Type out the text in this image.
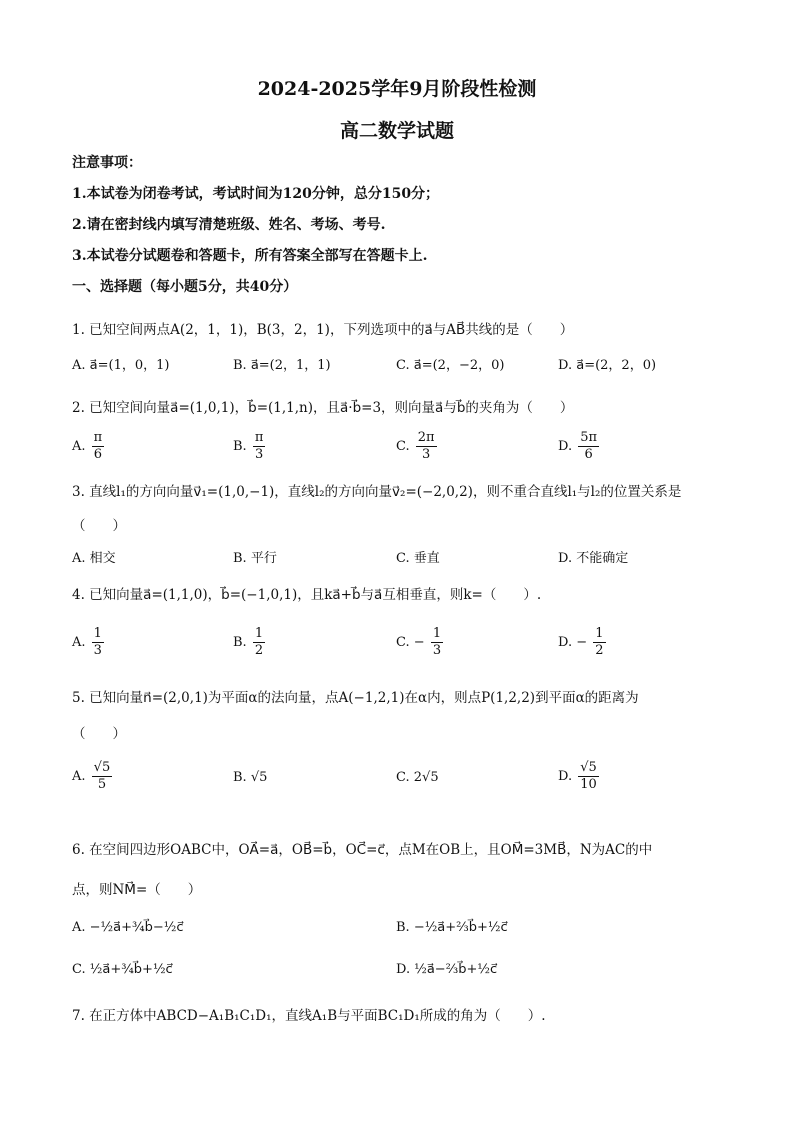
2024-2025学年9月阶段性检测
高二数学试题
注意事项：
1.本试卷为闭卷考试，考试时间为120分钟，总分150分；
2.请在密封线内填写清楚班级、姓名、考场、考号.
3.本试卷分试题卷和答题卡，所有答案全部写在答题卡上.
一、选择题（每小题5分，共40分）
1. 已知空间两点A(2，1，1)，B(3，2，1)，下列选项中的a⃗与AB⃗共线的是（　　）
A. a⃗=(1，0，1)	B. a⃗=(2，1，1)	C. a⃗=(2，−2，0)	D. a⃗=(2，2，0)
2. 已知空间向量a⃗=(1,0,1)，b⃗=(1,1,n)，且a⃗·b⃗=3，则向量a⃗与b⃗的夹角为（　　）
A. $\frac{\pi}{6}$	B. $\frac{\pi}{3}$	C. $\frac{2\pi}{3}$	D. $\frac{5\pi}{6}$
3. 直线l₁的方向向量v⃗₁=(1,0,−1)，直线l₂的方向向量v⃗₂=(−2,0,2)，则不重合直线l₁与l₂的位置关系是
（　　）
A. 相交	B. 平行	C. 垂直	D. 不能确定
4. 已知向量a⃗=(1,1,0)，b⃗=(−1,0,1)，且ka⃗+b⃗与a⃗互相垂直，则k=（　　）.
A. $\frac{1}{3}$	B. $\frac{1}{2}$	C. − $\frac{1}{3}$	D. − $\frac{1}{2}$
5. 已知向量n⃗=(2,0,1)为平面α的法向量，点A(−1,2,1)在α内，则点P(1,2,2)到平面α的距离为
（　　）
A. $\frac{√5}{5}$	B. √5	C. 2√5	D. $\frac{√5}{10}$
6. 在空间四边形OABC中，OA⃗=a⃗，OB⃗=b⃗，OC⃗=c⃗，点M在OB上，且OM⃗=3MB⃗，N为AC的中
点，则NM⃗=（　　）
A. −½a⃗+¾b⃗−½c⃗	B. −½a⃗+⅔b⃗+½c⃗
C. ½a⃗+¾b⃗+½c⃗	D. ½a⃗−⅔b⃗+½c⃗
7. 在正方体中ABCD−A₁B₁C₁D₁，直线A₁B与平面BC₁D₁所成的角为（　　）.
